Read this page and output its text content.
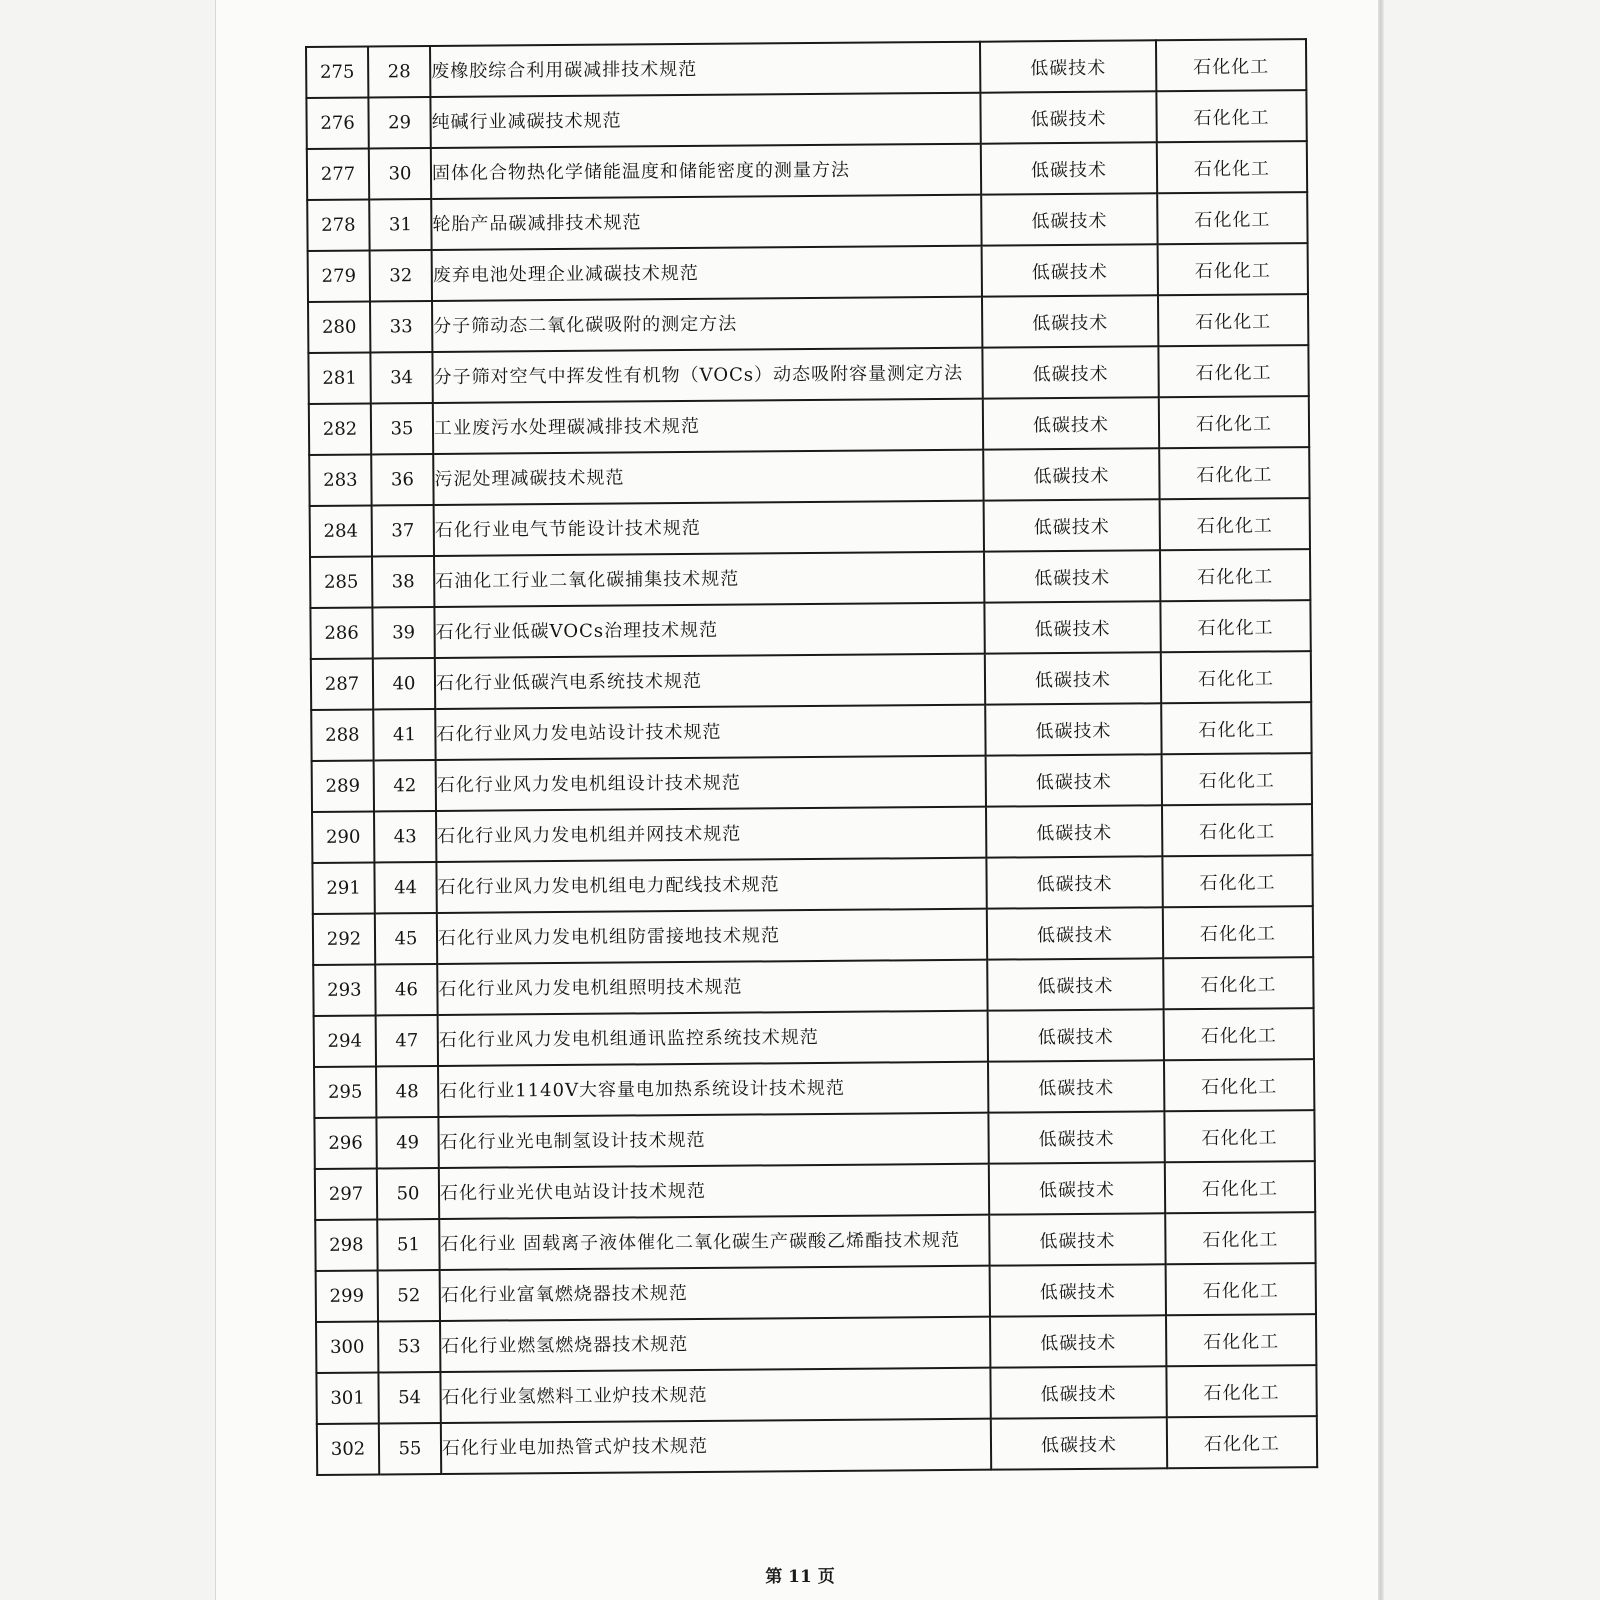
275	28	废橡胶综合利用碳减排技术规范	低碳技术	石化化工
276	29	纯碱行业减碳技术规范	低碳技术	石化化工
277	30	固体化合物热化学储能温度和储能密度的测量方法	低碳技术	石化化工
278	31	轮胎产品碳减排技术规范	低碳技术	石化化工
279	32	废弃电池处理企业减碳技术规范	低碳技术	石化化工
280	33	分子筛动态二氧化碳吸附的测定方法	低碳技术	石化化工
281	34	分子筛对空气中挥发性有机物（VOCs）动态吸附容量测定方法	低碳技术	石化化工
282	35	工业废污水处理碳减排技术规范	低碳技术	石化化工
283	36	污泥处理减碳技术规范	低碳技术	石化化工
284	37	石化行业电气节能设计技术规范	低碳技术	石化化工
285	38	石油化工行业二氧化碳捕集技术规范	低碳技术	石化化工
286	39	石化行业低碳VOCs治理技术规范	低碳技术	石化化工
287	40	石化行业低碳汽电系统技术规范	低碳技术	石化化工
288	41	石化行业风力发电站设计技术规范	低碳技术	石化化工
289	42	石化行业风力发电机组设计技术规范	低碳技术	石化化工
290	43	石化行业风力发电机组并网技术规范	低碳技术	石化化工
291	44	石化行业风力发电机组电力配线技术规范	低碳技术	石化化工
292	45	石化行业风力发电机组防雷接地技术规范	低碳技术	石化化工
293	46	石化行业风力发电机组照明技术规范	低碳技术	石化化工
294	47	石化行业风力发电机组通讯监控系统技术规范	低碳技术	石化化工
295	48	石化行业1140V大容量电加热系统设计技术规范	低碳技术	石化化工
296	49	石化行业光电制氢设计技术规范	低碳技术	石化化工
297	50	石化行业光伏电站设计技术规范	低碳技术	石化化工
298	51	石化行业 固载离子液体催化二氧化碳生产碳酸乙烯酯技术规范	低碳技术	石化化工
299	52	石化行业富氧燃烧器技术规范	低碳技术	石化化工
300	53	石化行业燃氢燃烧器技术规范	低碳技术	石化化工
301	54	石化行业氢燃料工业炉技术规范	低碳技术	石化化工
302	55	石化行业电加热管式炉技术规范	低碳技术	石化化工
第 11 页
